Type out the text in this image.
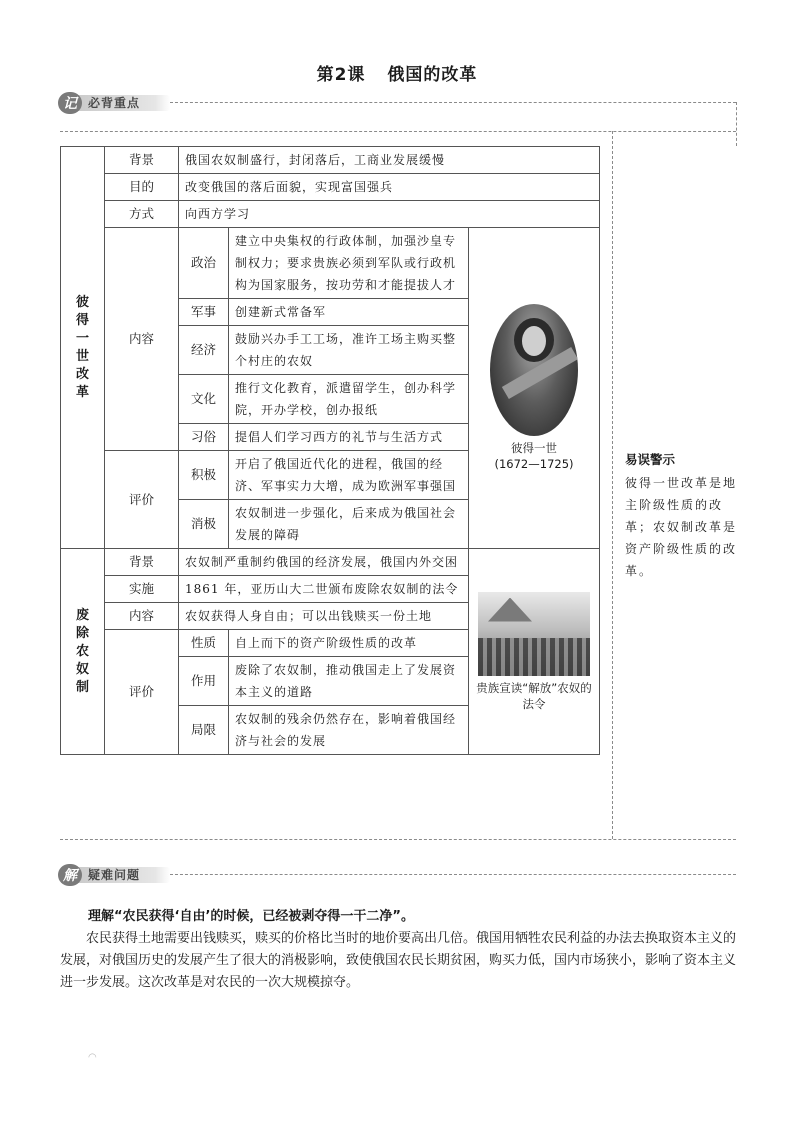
第2课 俄国的改革
记 必背重点
彼得一世改革	背景	俄国农奴制盛行，封闭落后，工商业发展缓慢			
	目的	改变俄国的落后面貌，实现富国强兵			
	方式	向西方学习			
	内容	政治	建立中央集权的行政体制，加强沙皇专制权力；要求贵族必须到军队或行政机构为国家服务，按功劳和才能提拔人才	彼得一世
(1672—1725)	

		军事	创建新式常备军		
		经济	鼓励兴办手工工场，准许工场主购买整个村庄的农奴		
		文化	推行文化教育，派遣留学生，创办科学院，开办学校，创办报纸		
		习俗	提倡人们学习西方的礼节与生活方式		
	评价	积极	开启了俄国近代化的进程，俄国的经济、军事实力大增，成为欧洲军事强国		

		消极	农奴制进一步强化，后来成为俄国社会发展的障碍		
废除农奴制	背景	农奴制严重制约俄国的经济发展，俄国内外交困		贵族宣读“解放”农奴的法令	

	实施	1861 年，亚历山大二世颁布废除农奴制的法令			
	内容	农奴获得人身自由；可以出钱赎买一份土地			
	评价	性质	自上而下的资产阶级性质的改革		
		作用	废除了农奴制，推动俄国走上了发展资本主义的道路		
		局限	农奴制的残余仍然存在，影响着俄国经济与社会的发展		
易误警示
彼得一世改革是地主阶级性质的改革；农奴制改革是资产阶级性质的改革。
解 疑难问题
理解“农民获得‘自由’的时候，已经被剥夺得一干二净”。
农民获得土地需要出钱赎买，赎买的价格比当时的地价要高出几倍。俄国用牺牲农民利益的办法去换取资本主义的发展，对俄国历史的发展产生了很大的消极影响，致使俄国农民长期贫困，购买力低，国内市场狭小，影响了资本主义进一步发展。这次改革是对农民的一次大规模掠夺。
◠
